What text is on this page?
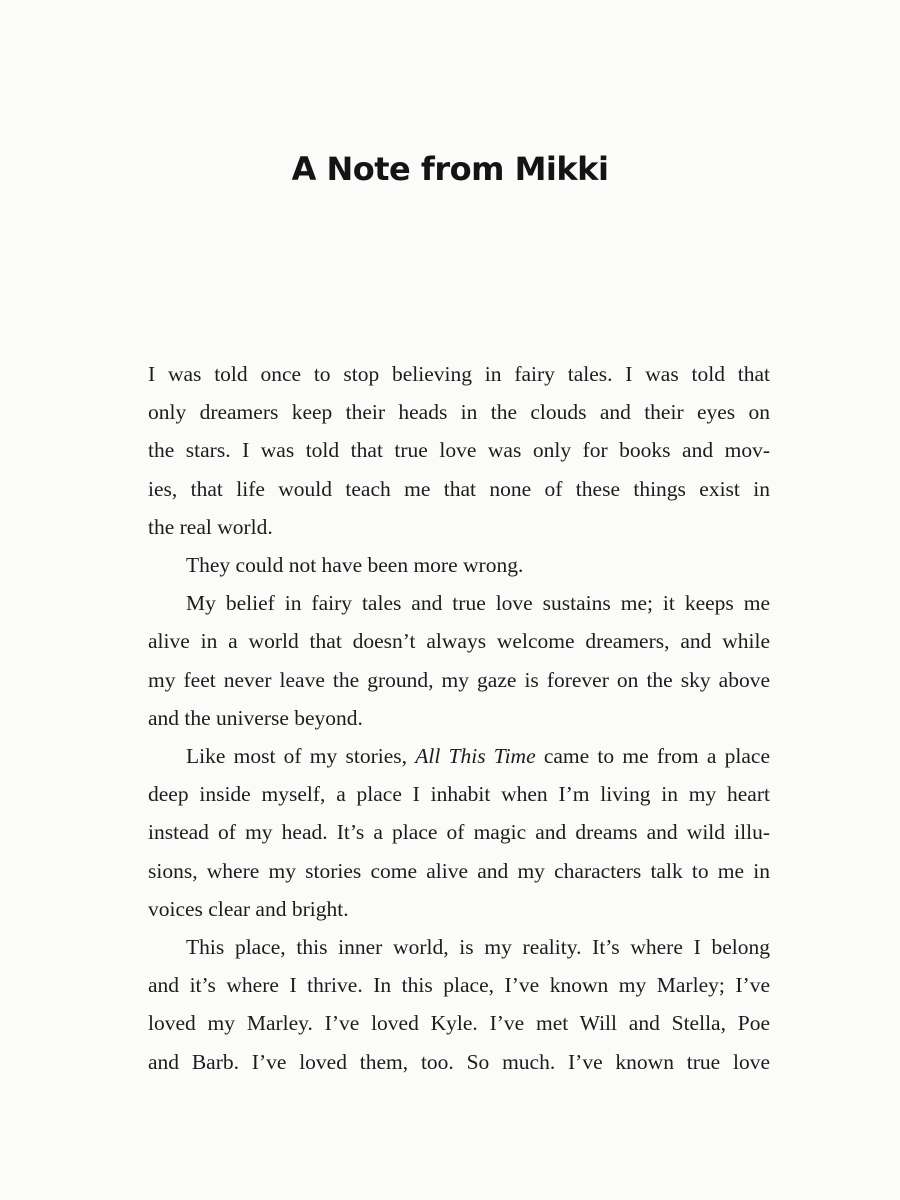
A Note from Mikki

I was told once to stop believing in fairy tales. I was told that
only dreamers keep their heads in the clouds and their eyes on
the stars. I was told that true love was only for books and mov-
ies, that life would teach me that none of these things exist in
the real world.

They could not have been more wrong.

My belief in fairy tales and true love sustains me; it keeps me
alive in a world that doesn’t always welcome dreamers, and while
my feet never leave the ground, my gaze is forever on the sky above
and the universe beyond.

Like most of my stories, All This Time came to me from a place
deep inside myself, a place I inhabit when I’m living in my heart
instead of my head. It’s a place of magic and dreams and wild illu-
sions, where my stories come alive and my characters talk to me in
voices clear and bright.

This place, this inner world, is my reality. It’s where I belong
and it’s where I thrive. In this place, I’ve known my Marley; I’ve
loved my Marley. I’ve loved Kyle. I’ve met Will and Stella, Poe
and Barb. I’ve loved them, too. So much. I’ve known true love
